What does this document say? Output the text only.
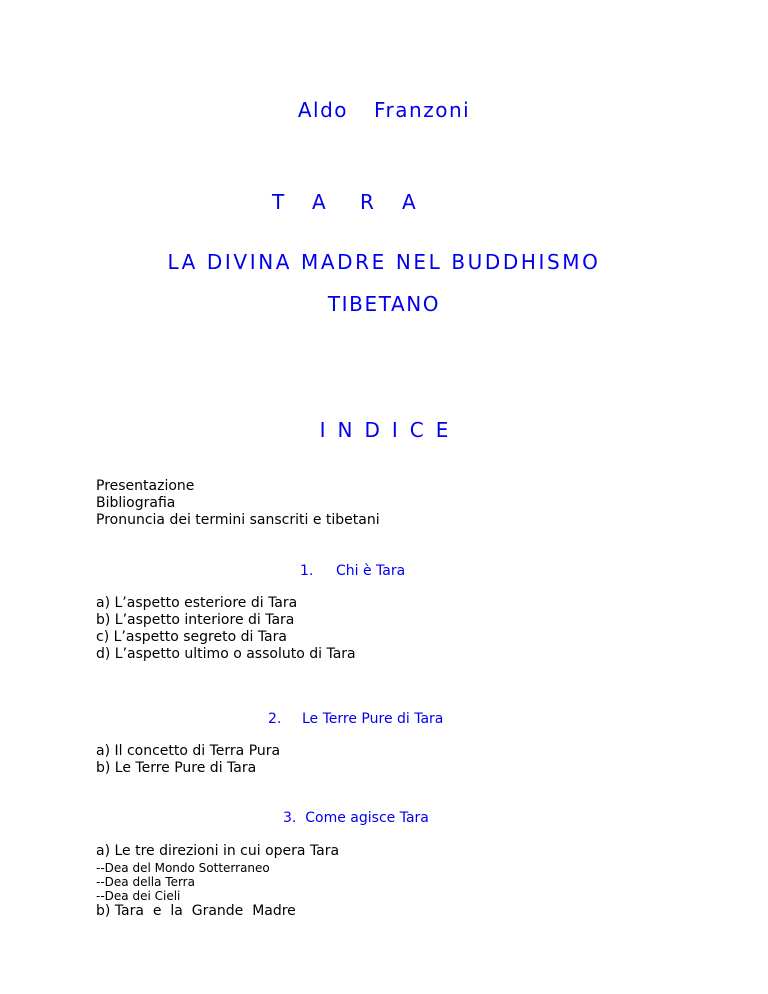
Aldo Franzoni
T A R A
LA DIVINA MADRE NEL BUDDHISMO
TIBETANO
INDICE
Presentazione
Bibliografia
Pronuncia dei termini sanscriti e tibetani
1. Chi è Tara
a) L’aspetto esteriore di Tara
b) L’aspetto interiore di Tara
c) L’aspetto segreto di Tara
d) L’aspetto ultimo o assoluto di Tara
2. Le Terre Pure di Tara
a) Il concetto di Terra Pura
b) Le Terre Pure di Tara
3.  Come agisce Tara
a) Le tre direzioni in cui opera Tara
--Dea del Mondo Sotterraneo
--Dea della Terra
--Dea dei Cieli
b) Tara  e  la  Grande  Madre
